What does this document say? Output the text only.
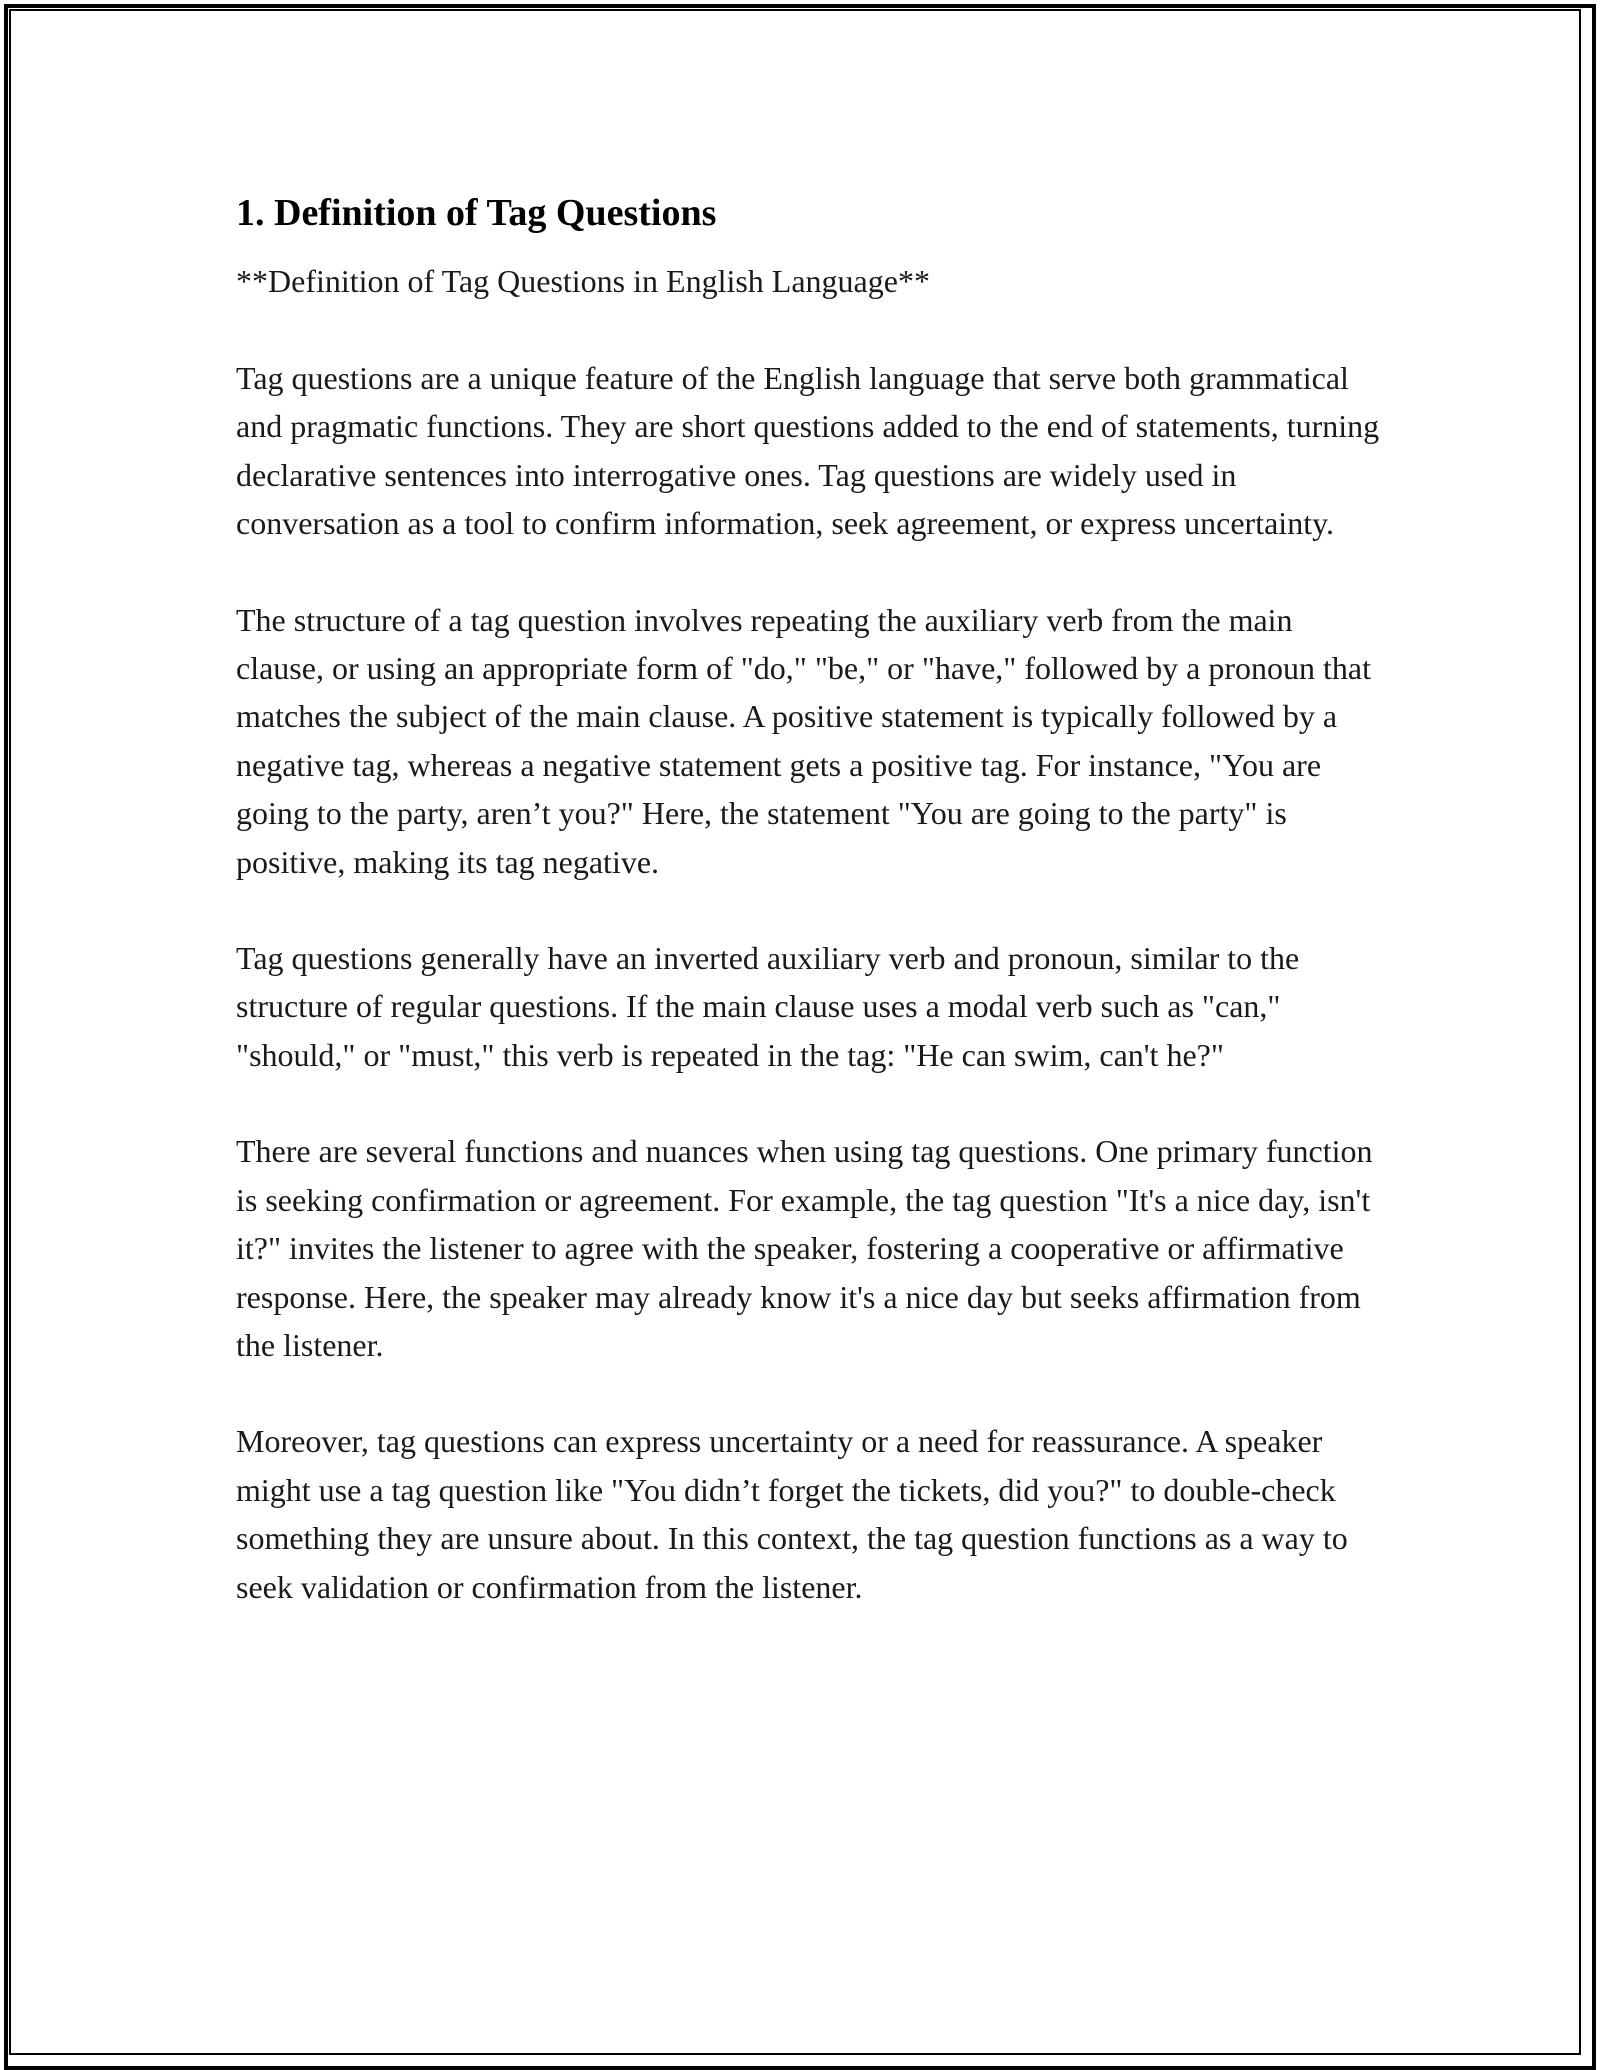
1. Definition of Tag Questions

**Definition of Tag Questions in English Language**

Tag questions are a unique feature of the English language that serve both grammatical and pragmatic functions. They are short questions added to the end of statements, turning declarative sentences into interrogative ones. Tag questions are widely used in conversation as a tool to confirm information, seek agreement, or express uncertainty.

The structure of a tag question involves repeating the auxiliary verb from the main clause, or using an appropriate form of "do," "be," or "have," followed by a pronoun that matches the subject of the main clause. A positive statement is typically followed by a negative tag, whereas a negative statement gets a positive tag. For instance, "You are going to the party, aren’t you?" Here, the statement "You are going to the party" is positive, making its tag negative.

Tag questions generally have an inverted auxiliary verb and pronoun, similar to the structure of regular questions. If the main clause uses a modal verb such as "can," "should," or "must," this verb is repeated in the tag: "He can swim, can't he?"

There are several functions and nuances when using tag questions. One primary function is seeking confirmation or agreement. For example, the tag question "It's a nice day, isn't it?" invites the listener to agree with the speaker, fostering a cooperative or affirmative response. Here, the speaker may already know it's a nice day but seeks affirmation from the listener.

Moreover, tag questions can express uncertainty or a need for reassurance. A speaker might use a tag question like "You didn’t forget the tickets, did you?" to double-check something they are unsure about. In this context, the tag question functions as a way to seek validation or confirmation from the listener.
